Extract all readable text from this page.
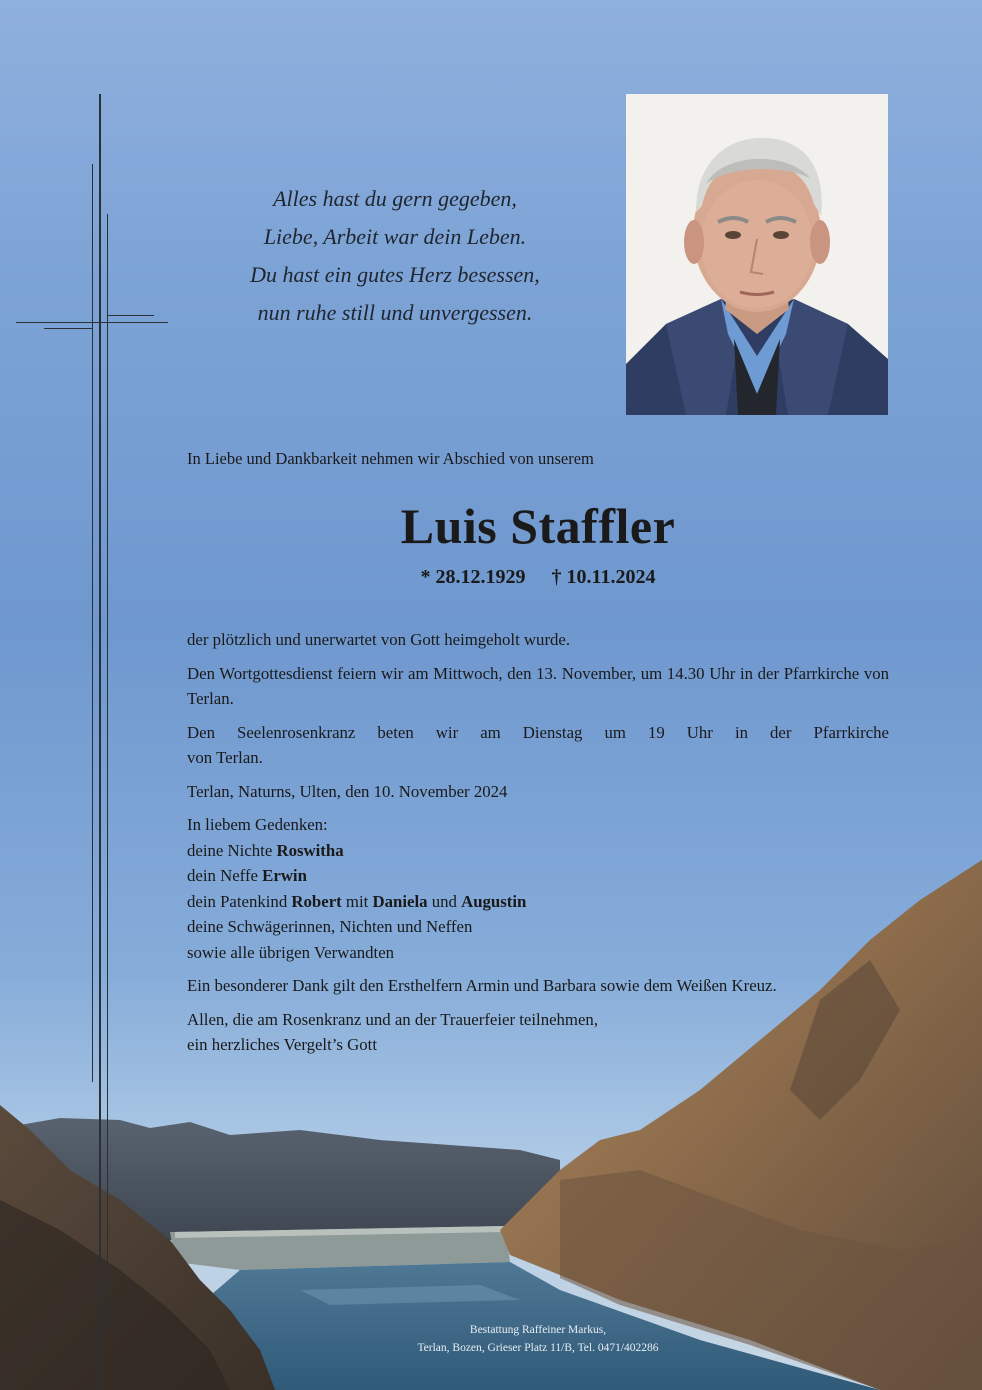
Alles hast du gern gegeben,
Liebe, Arbeit war dein Leben.
Du hast ein gutes Herz besessen,
nun ruhe still und unvergessen.
In Liebe und Dankbarkeit nehmen wir Abschied von unserem
Luis Staffler
* 28.12.1929 † 10.11.2024

der plötzlich und unerwartet von Gott heimgeholt wurde.

Den Wortgottesdienst feiern wir am Mittwoch, den 13. November, um 14.30 Uhr in der Pfarrkirche von Terlan.

Den Seelenrosenkranz beten wir am Dienstag um 19 Uhr in der Pfarrkirche
von Terlan.

Terlan, Naturns, Ulten, den 10. November 2024

In liebem Gedenken:
deine Nichte Roswitha
dein Neffe Erwin
dein Patenkind Robert mit Daniela und Augustin
deine Schwägerinnen, Nichten und Neffen
sowie alle übrigen Verwandten

Ein besonderer Dank gilt den Ersthelfern Armin und Barbara sowie dem Weißen Kreuz.

Allen, die am Rosenkranz und an der Trauerfeier teilnehmen,
ein herzliches Vergelt’s Gott

Bestattung Raffeiner Markus,
Terlan, Bozen, Grieser Platz 11/B, Tel. 0471/402286
